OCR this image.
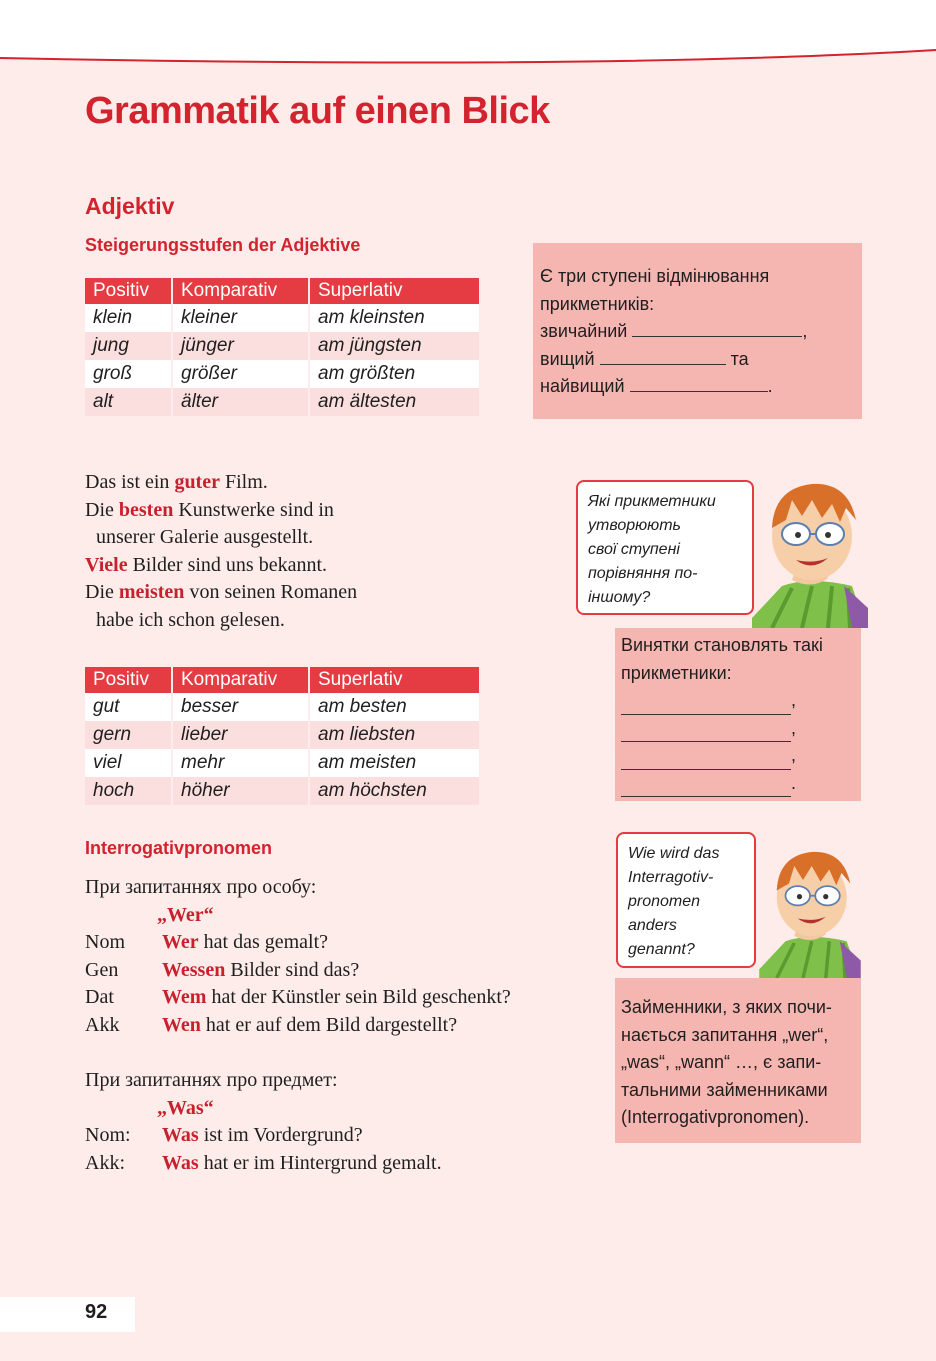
Grammatik auf einen Blick
Adjektiv
Steigerungsstufen der Adjektive
Positiv	Komparativ	Superlativ
klein	kleiner	am kleinsten
jung	jünger	am jüngsten
groß	größer	am größten
alt	älter	am ältesten
Є три ступені відмінювання
прикметників:
звичайний	,
вищий	та
найвищий	.
Das ist ein guter Film.
Die besten Kunstwerke sind in
unserer Galerie ausgestellt.
Viele Bilder sind uns bekannt.
Die meisten von seinen Romanen
habe ich schon gelesen.
Які прикметники
утворюють
свої ступені
порівняння по-
іншому?
Винятки становлять такі
прикметники:
,
,
,
.
Positiv	Komparativ	Superlativ
gut	besser	am besten
gern	lieber	am liebsten
viel	mehr	am meisten
hoch	höher	am höchsten
Interrogativpronomen
При запитаннях про особу:
„Wer“
Nom Wer hat das gemalt?
Gen Wessen Bilder sind das?
Dat Wem hat der Künstler sein Bild geschenkt?
Akk Wen hat er auf dem Bild dargestellt?
При запитаннях про предмет:
„Was“
Nom: Was ist im Vordergrund?
Akk: Was hat er im Hintergrund gemalt.
Wie wird das
Interragotiv-
pronomen
anders
genannt?
Займенники, з яких почи-
нається запитання „wer“,
„was“, „wann“ …, є запи-
тальними займенниками
(Interrogativpronomen).
92
